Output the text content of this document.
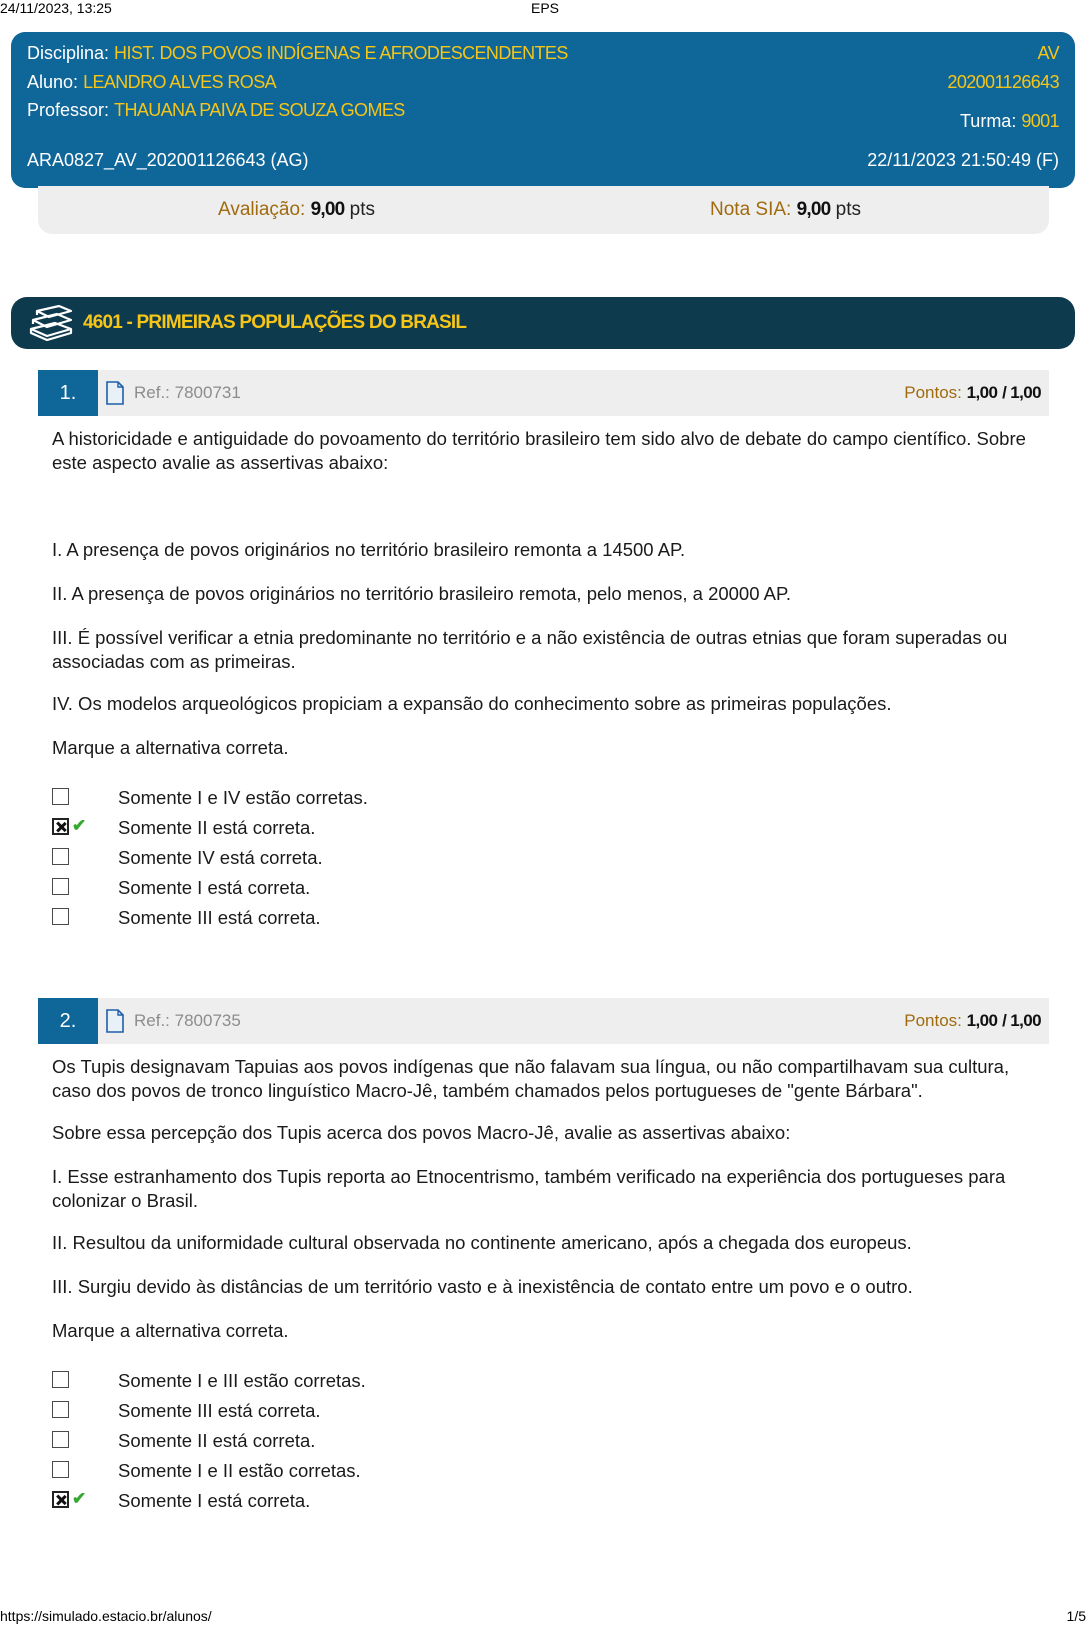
24/11/2023, 13:25	EPS
Disciplina: HIST. DOS POVOS INDÍGENAS E AFRODESCENDENTES
Aluno: LEANDRO ALVES ROSA
Professor: THAUANA PAIVA DE SOUZA GOMES
ARA0827_AV_202001126643 (AG)
AV
202001126643
Turma: 9001
22/11/2023 21:50:49 (F)
Avaliação: 9,00 pts	Nota SIA: 9,00 pts
4601 - PRIMEIRAS POPULAÇÕES DO BRASIL
1.	Ref.: 7800731	Pontos: 1,00 / 1,00
A historicidade e antiguidade do povoamento do território brasileiro tem sido alvo de debate do campo científico. Sobre este aspecto avalie as assertivas abaixo:
I. A presença de povos originários no território brasileiro remonta a 14500 AP.
II. A presença de povos originários no território brasileiro remota, pelo menos, a 20000 AP.
III. É possível verificar a etnia predominante no território e a não existência de outras etnias que foram superadas ou associadas com as primeiras.
IV. Os modelos arqueológicos propiciam a expansão do conhecimento sobre as primeiras populações.
Marque a alternativa correta.
Somente I e IV estão corretas.
✔ Somente II está correta.
Somente IV está correta.
Somente I está correta.
Somente III está correta.
2.	Ref.: 7800735	Pontos: 1,00 / 1,00
Os Tupis designavam Tapuias aos povos indígenas que não falavam sua língua, ou não compartilhavam sua cultura, caso dos povos de tronco linguístico Macro-Jê, também chamados pelos portugueses de "gente Bárbara".
Sobre essa percepção dos Tupis acerca dos povos Macro-Jê, avalie as assertivas abaixo:
I. Esse estranhamento dos Tupis reporta ao Etnocentrismo, também verificado na experiência dos portugueses para colonizar o Brasil.
II. Resultou da uniformidade cultural observada no continente americano, após a chegada dos europeus.
III. Surgiu devido às distâncias de um território vasto e à inexistência de contato entre um povo e o outro.
Marque a alternativa correta.
Somente I e III estão corretas.
Somente III está correta.
Somente II está correta.
Somente I e II estão corretas.
✔ Somente I está correta.
https://simulado.estacio.br/alunos/	1/5
